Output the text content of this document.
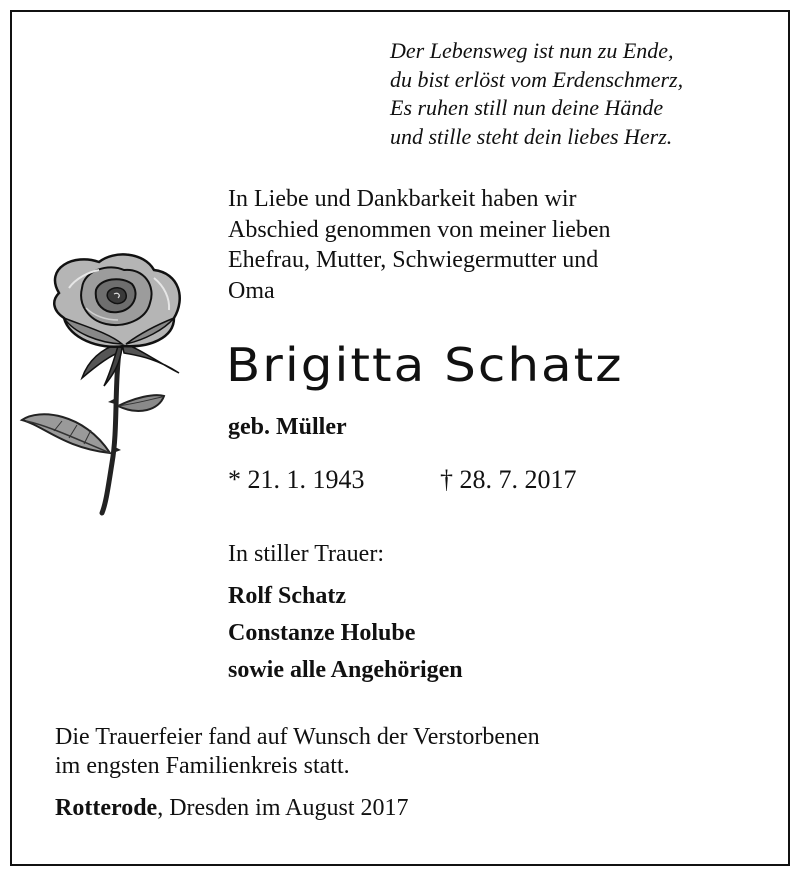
Der Lebensweg ist nun zu Ende,
du bist erlöst vom Erdenschmerz,
Es ruhen still nun deine Hände
und stille steht dein liebes Herz.
In Liebe und Dankbarkeit haben wir
Abschied genommen von meiner lieben
Ehefrau, Mutter, Schwiegermutter und
Oma
Brigitta Schatz
geb. Müller
* 21. 1. 1943	† 28. 7. 2017
In stiller Trauer:
Rolf Schatz
Constanze Holube
sowie alle Angehörigen
Die Trauerfeier fand auf Wunsch der Verstorbenen
im engsten Familienkreis statt.
Rotterode, Dresden im August 2017
